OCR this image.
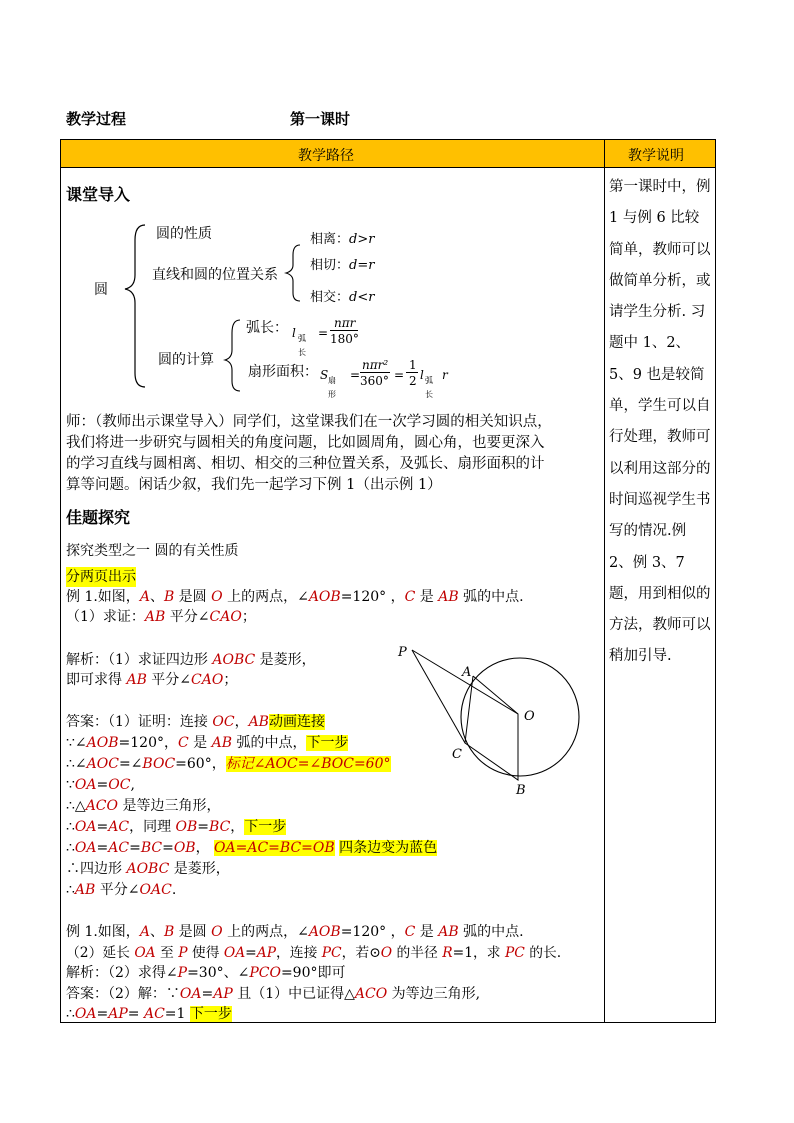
教学过程	第一课时
教学路径	教学说明
课堂导入
圆
圆的性质
直线和圆的位置关系
相离：d>r
相切：d=r
相交：d<r
圆的计算
弧长： l 弧长
=
nπr
180°
扇形面积： S 扇形
=
nπr²
360° =
1
2 l 弧长
r
师：（教师出示课堂导入）同学们，这堂课我们在一次学习圆的相关知识点，
我们将进一步研究与圆相关的角度问题，比如圆周角，圆心角，也要更深入
的学习直线与圆相离、相切、相交的三种位置关系，及弧长、扇形面积的计
算等问题。闲话少叙，我们先一起学习下例 1（出示例 1）
佳题探究
探究类型之一 圆的有关性质
分两页出示
例 1.如图，A、B 是圆 O 上的两点，∠AOB=120° ，C 是 AB 弧的中点.
（1）求证：AB 平分∠CAO；
解析：（1）求证四边形 AOBC 是菱形，
即可求得 AB 平分∠CAO；
答案：（1）证明：连接 OC，AB动画连接
∵∠AOB=120°，C 是 AB 弧的中点，下一步
∴∠AOC=∠BOC=60°，标记∠AOC=∠BOC=60°
∵OA=OC,
∴△ACO 是等边三角形，
∴OA=AC，同理 OB=BC，下一步
∴OA=AC=BC=OB， OA=AC=BC=OB 四条边变为蓝色
∴四边形 AOBC 是菱形，
∴AB 平分∠OAC.
例 1.如图，A、B 是圆 O 上的两点，∠AOB=120° ，C 是 AB 弧的中点.
（2）延长 OA 至 P 使得 OA=AP，连接 PC，若⊙O 的半径 R=1，求 PC 的长.
解析：（2）求得∠P=30°、∠PCO=90°即可
答案：（2）解：∵OA=AP 且（1）中已证得△ACO 为等边三角形,
∴OA=AP= AC=1 下一步
P
A
O
C
B
第一课时中，例 1 与例 6 比较简单，教师可以做简单分析，或请学生分析. 习题中 1、2、5、9 也是较简单，学生可以自行处理，教师可以利用这部分的时间巡视学生书写的情况.例 2、例 3、7 题，用到相似的方法，教师可以稍加引导.
